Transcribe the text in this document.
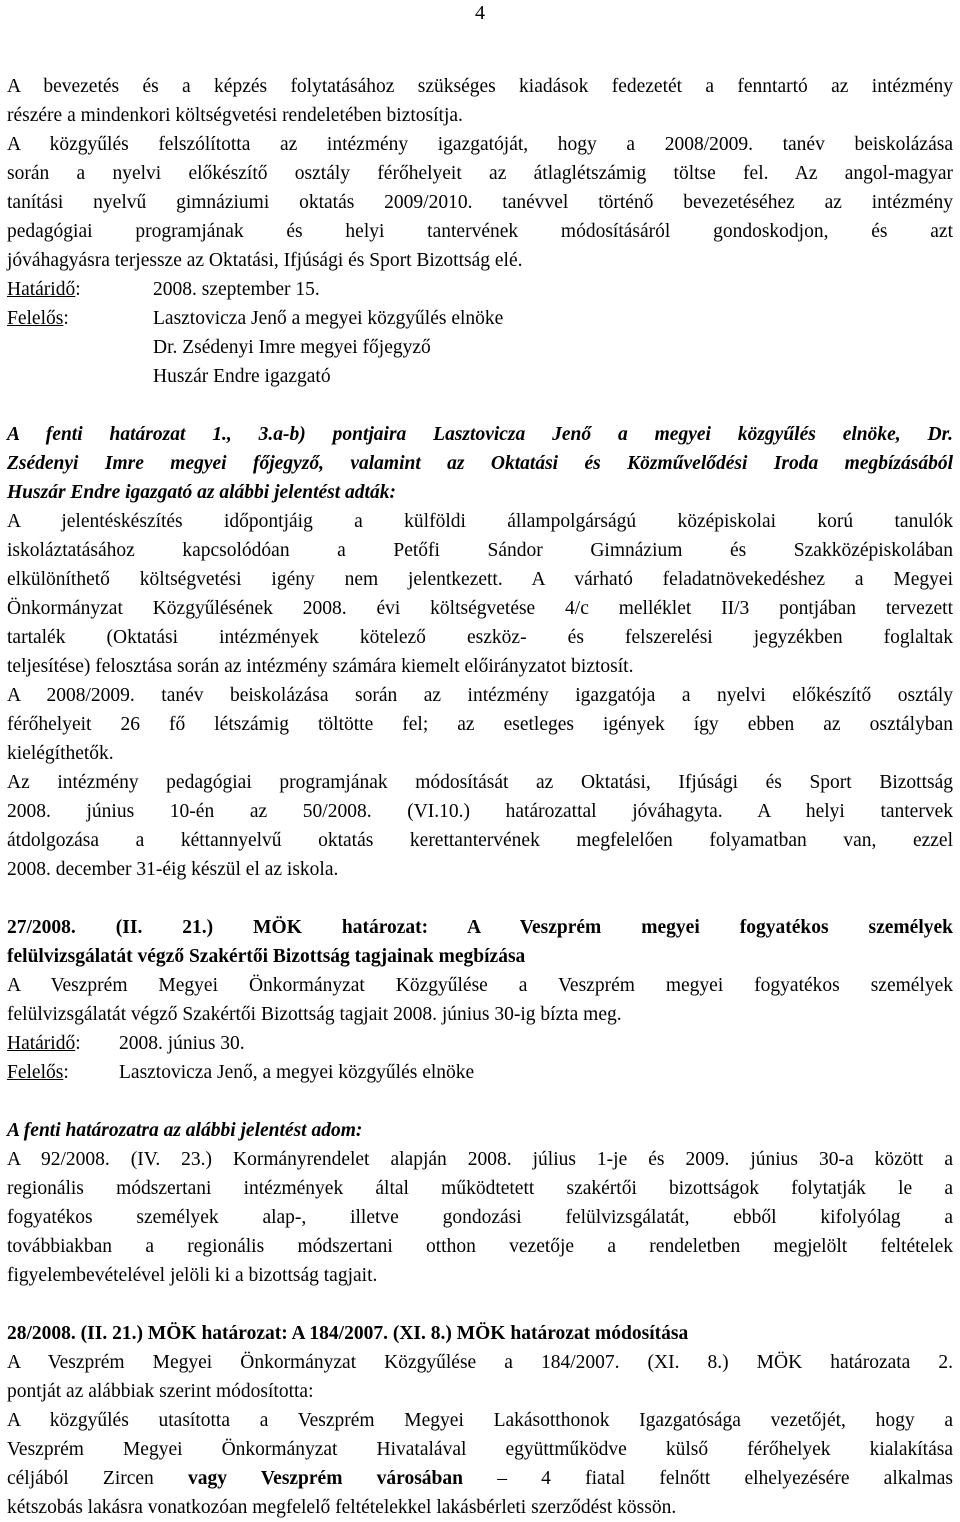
4
A bevezetés és a képzés folytatásához szükséges kiadások fedezetét a fenntartó az intézmény
részére a mindenkori költségvetési rendeletében biztosítja.
A közgyűlés felszólította az intézmény igazgatóját, hogy a 2008/2009. tanév beiskolázása
során a nyelvi előkészítő osztály férőhelyeit az átlaglétszámig töltse fel. Az angol-magyar
tanítási nyelvű gimnáziumi oktatás 2009/2010. tanévvel történő bevezetéséhez az intézmény
pedagógiai programjának és helyi tantervének módosításáról gondoskodjon, és azt
jóváhagyásra terjessze az Oktatási, Ifjúsági és Sport Bizottság elé.
Határidő:	2008. szeptember 15.
Felelős:	Lasztovicza Jenő a megyei közgyűlés elnöke
Dr. Zsédenyi Imre megyei főjegyző
Huszár Endre igazgató
A fenti határozat 1., 3.a-b) pontjaira Lasztovicza Jenő a megyei közgyűlés elnöke, Dr.
Zsédenyi Imre megyei főjegyző, valamint az Oktatási és Közművelődési Iroda megbízásából
Huszár Endre igazgató az alábbi jelentést adták:
A jelentéskészítés időpontjáig a külföldi állampolgárságú középiskolai korú tanulók
iskoláztatásához kapcsolódóan a Petőfi Sándor Gimnázium és Szakközépiskolában
elkülöníthető költségvetési igény nem jelentkezett. A várható feladatnövekedéshez a Megyei
Önkormányzat Közgyűlésének 2008. évi költségvetése 4/c melléklet II/3 pontjában tervezett
tartalék (Oktatási intézmények kötelező eszköz- és felszerelési jegyzékben foglaltak
teljesítése) felosztása során az intézmény számára kiemelt előirányzatot biztosít.
A 2008/2009. tanév beiskolázása során az intézmény igazgatója a nyelvi előkészítő osztály
férőhelyeit 26 fő létszámig töltötte fel; az esetleges igények így ebben az osztályban
kielégíthetők.
Az intézmény pedagógiai programjának módosítását az Oktatási, Ifjúsági és Sport Bizottság
2008. június 10-én az 50/2008. (VI.10.) határozattal jóváhagyta. A helyi tantervek
átdolgozása a kéttannyelvű oktatás kerettantervének megfelelően folyamatban van, ezzel
2008. december 31-éig készül el az iskola.
27/2008. (II. 21.) MÖK határozat: A Veszprém megyei fogyatékos személyek
felülvizsgálatát végző Szakértői Bizottság tagjainak megbízása
A Veszprém Megyei Önkormányzat Közgyűlése a Veszprém megyei fogyatékos személyek
felülvizsgálatát végző Szakértői Bizottság tagjait 2008. június 30-ig bízta meg.
Határidő: 2008. június 30.
Felelős:	Lasztovicza Jenő, a megyei közgyűlés elnöke
A fenti határozatra az alábbi jelentést adom:
A 92/2008. (IV. 23.) Kormányrendelet alapján 2008. július 1-je és 2009. június 30-a között a
regionális módszertani intézmények által működtetett szakértői bizottságok folytatják le a
fogyatékos személyek alap-, illetve gondozási felülvizsgálatát, ebből kifolyólag a
továbbiakban a regionális módszertani otthon vezetője a rendeletben megjelölt feltételek
figyelembevételével jelöli ki a bizottság tagjait.
28/2008. (II. 21.) MÖK határozat: A 184/2007. (XI. 8.) MÖK határozat módosítása
A Veszprém Megyei Önkormányzat Közgyűlése a 184/2007. (XI. 8.) MÖK határozata 2.
pontját az alábbiak szerint módosította:
A közgyűlés utasította a Veszprém Megyei Lakásotthonok Igazgatósága vezetőjét, hogy a
Veszprém Megyei Önkormányzat Hivatalával együttműködve külső férőhelyek kialakítása
céljából Zircen vagy Veszprém városában – 4 fiatal felnőtt elhelyezésére alkalmas
kétszobás lakásra vonatkozóan megfelelő feltételekkel lakásbérleti szerződést kössön.
